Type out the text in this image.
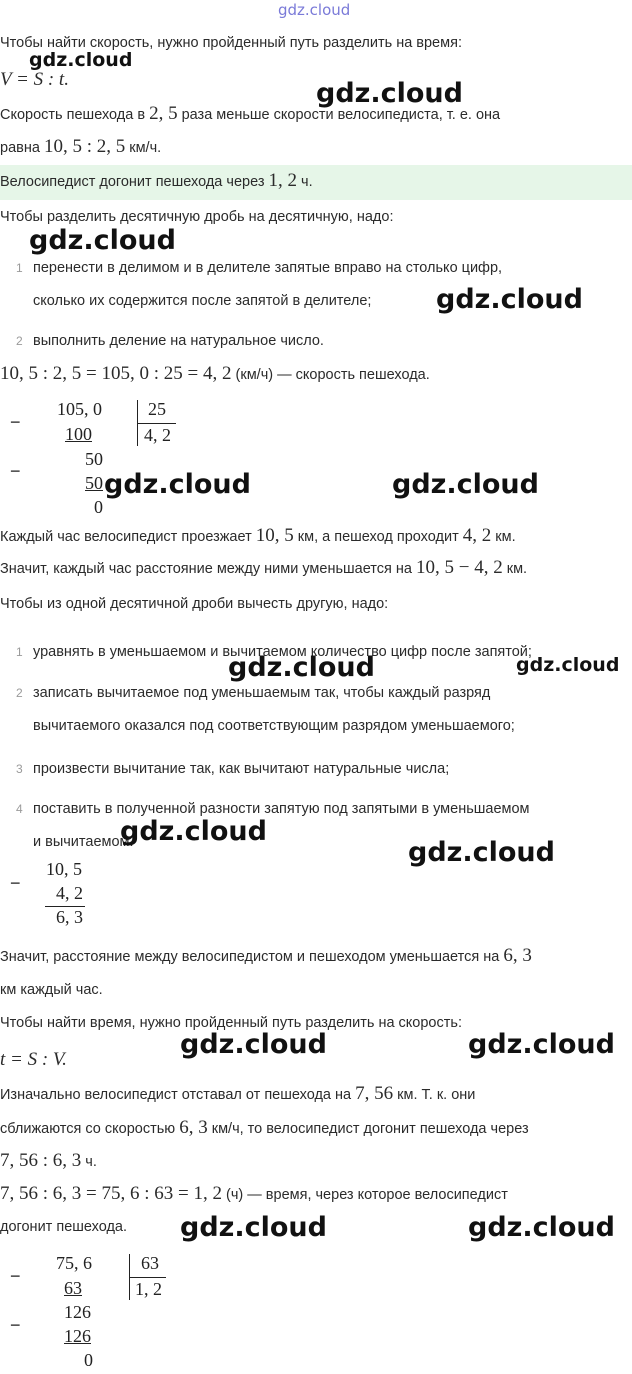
gdz.cloud
Чтобы найти скорость, нужно пройденный путь разделить на время:
V = S : t.
Скорость пешехода в 2, 5 раза меньше скорости велосипедиста, т. е. она
равна 10, 5 : 2, 5 км/ч.
Велосипедист догонит пешехода через 1, 2 ч.
Чтобы разделить десятичную дробь на десятичную, надо:
1 перенести в делимом и в делителе запятые вправо на столько цифр,
сколько их содержится после запятой в делителе;
2 выполнить деление на натуральное число.
10, 5 : 2, 5 = 105, 0 : 25 = 4, 2 (км/ч) — скорость пешехода.
−
−
105, 0
100
50
50
0
25
4, 2
Каждый час велосипедист проезжает 10, 5 км, а пешеход проходит 4, 2 км.
Значит, каждый час расстояние между ними уменьшается на 10, 5 − 4, 2 км.
Чтобы из одной десятичной дроби вычесть другую, надо:
1 уравнять в уменьшаемом и вычитаемом количество цифр после запятой;
2 записать вычитаемое под уменьшаемым так, чтобы каждый разряд
вычитаемого оказался под соответствующим разрядом уменьшаемого;
3 произвести вычитание так, как вычитают натуральные числа;
4 поставить в полученной разности запятую под запятыми в уменьшаемом
и вычитаемом.
−
10, 5
4, 2
6, 3
Значит, расстояние между велосипедистом и пешеходом уменьшается на 6, 3
км каждый час.
Чтобы найти время, нужно пройденный путь разделить на скорость:
t = S : V.
Изначально велосипедист отставал от пешехода на 7, 56 км. Т. к. они
сближаются со скоростью 6, 3 км/ч, то велосипедист догонит пешехода через
7, 56 : 6, 3 ч.
7, 56 : 6, 3 = 75, 6 : 63 = 1, 2 (ч) — время, через которое велосипедист
догонит пешехода.
−
−
75, 6
63
126
126
0
63
1, 2
gdz.cloud
gdz.cloud
gdz.cloud
gdz.cloud
gdz.cloud	gdz.cloud
gdz.cloud	gdz.cloud
gdz.cloud
gdz.cloud
gdz.cloud	gdz.cloud
gdz.cloud	gdz.cloud
